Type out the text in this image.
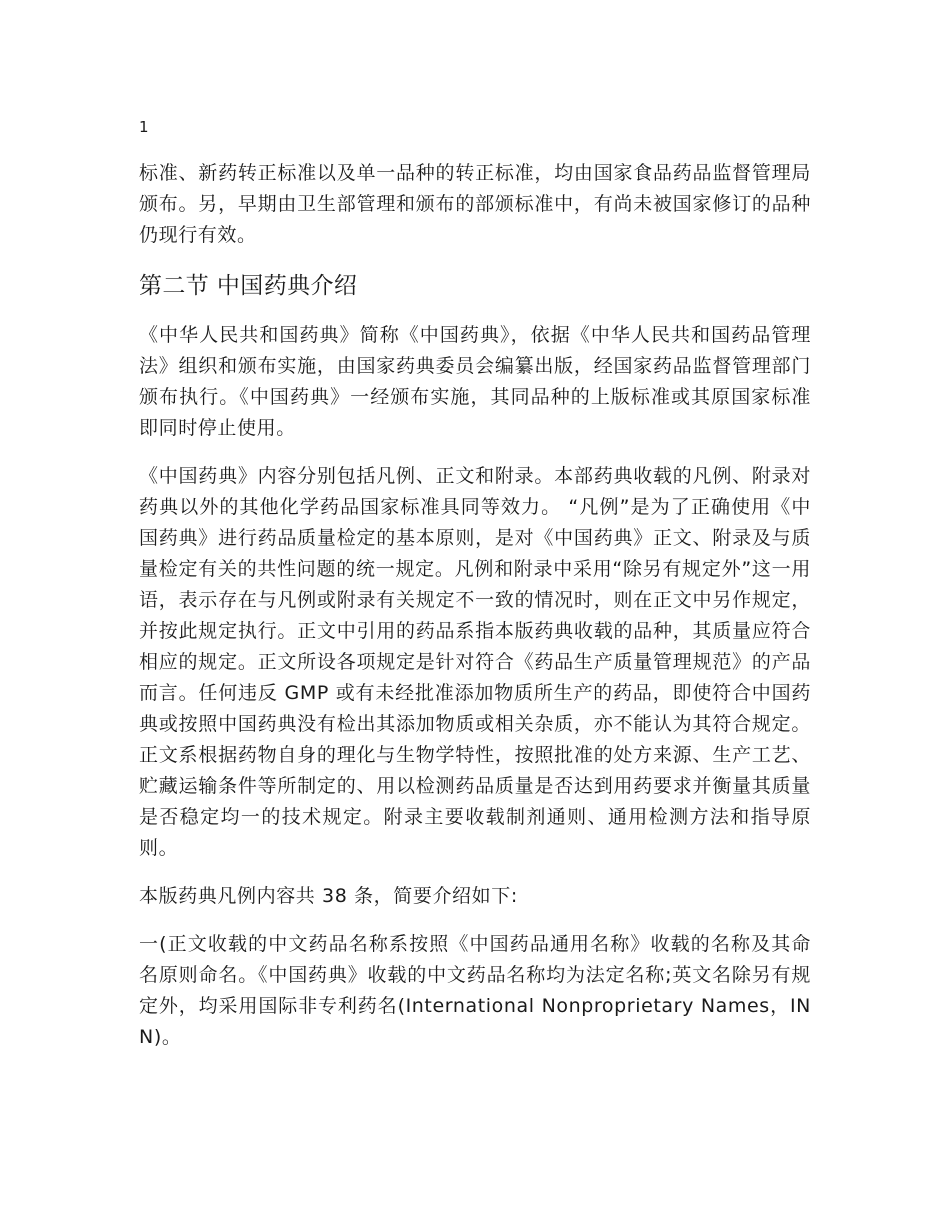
1

标准、新药转正标准以及单一品种的转正标准，均由国家食品药品监督管理局颁布。另，早期由卫生部管理和颁布的部颁标准中，有尚未被国家修订的品种仍现行有效。

第二节 中国药典介绍

《中华人民共和国药典》简称《中国药典》，依据《中华人民共和国药品管理法》组织和颁布实施，由国家药典委员会编纂出版，经国家药品监督管理部门颁布执行。《中国药典》一经颁布实施，其同品种的上版标准或其原国家标准即同时停止使用。

《中国药典》内容分别包括凡例、正文和附录。本部药典收载的凡例、附录对药典以外的其他化学药品国家标准具同等效力。 “凡例”是为了正确使用《中国药典》进行药品质量检定的基本原则，是对《中国药典》正文、附录及与质量检定有关的共性问题的统一规定。凡例和附录中采用“除另有规定外”这一用语，表示存在与凡例或附录有关规定不一致的情况时，则在正文中另作规定，并按此规定执行。正文中引用的药品系指本版药典收载的品种，其质量应符合相应的规定。正文所设各项规定是针对符合《药品生产质量管理规范》的产品而言。任何违反 GMP 或有未经批准添加物质所生产的药品，即使符合中国药典或按照中国药典没有检出其添加物质或相关杂质，亦不能认为其符合规定。正文系根据药物自身的理化与生物学特性，按照批准的处方来源、生产工艺、贮藏运输条件等所制定的、用以检测药品质量是否达到用药要求并衡量其质量是否稳定均一的技术规定。附录主要收载制剂通则、通用检测方法和指导原则。

本版药典凡例内容共 38 条，简要介绍如下:

一(正文收载的中文药品名称系按照《中国药品通用名称》收载的名称及其命名原则命名。《中国药典》收载的中文药品名称均为法定名称;英文名除另有规定外，均采用国际非专利药名(International Nonproprietary Names，INN)。
